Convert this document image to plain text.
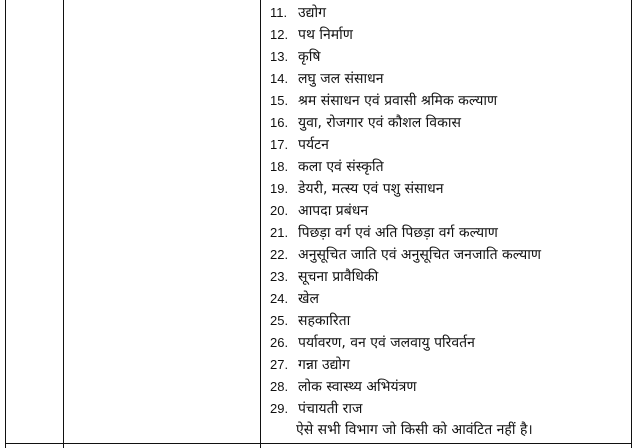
11. उद्योग
12. पथ निर्माण
13. कृषि
14. लघु जल संसाधन
15. श्रम संसाधन एवं प्रवासी श्रमिक कल्याण
16. युवा, रोजगार एवं कौशल विकास
17. पर्यटन
18. कला एवं संस्कृति
19. डेयरी, मत्स्य एवं पशु संसाधन
20. आपदा प्रबंधन
21. पिछड़ा वर्ग एवं अति पिछड़ा वर्ग कल्याण
22. अनुसूचित जाति एवं अनुसूचित जनजाति कल्याण
23. सूचना प्रावैधिकी
24. खेल
25. सहकारिता
26. पर्यावरण, वन एवं जलवायु परिवर्तन
27. गन्ना उद्योग
28. लोक स्वास्थ्य अभियंत्रण
29. पंचायती राज
ऐसे सभी विभाग जो किसी को आवंटित नहीं है।
